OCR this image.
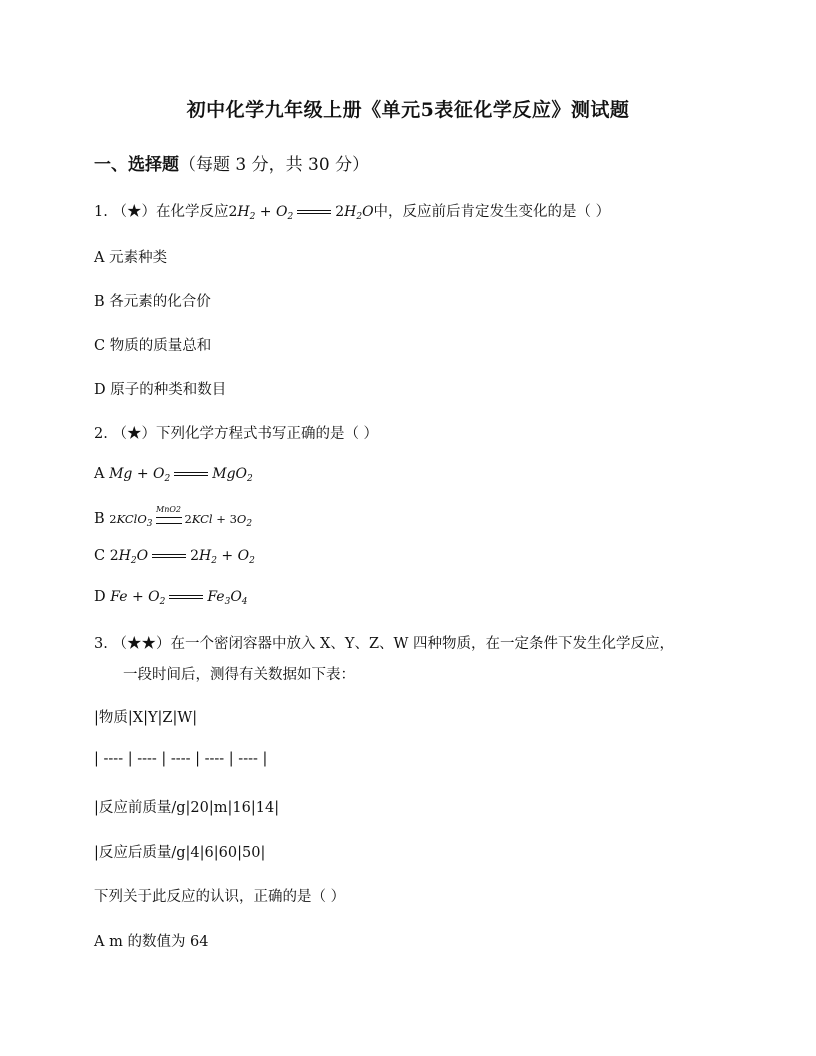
初中化学九年级上册《单元5表征化学反应》测试题
一、选择题（每题 3 分，共 30 分）
1. （★）在化学反应$2H_2 + O_2$	$2H_2O$中，反应前后肯定发生变化的是（ ）
A 元素种类
B 各元素的化合价
C 物质的质量总和
D 原子的种类和数目
2. （★）下列化学方程式书写正确的是（ ）
A $Mg + O_2$	MgO$_2$
B 2KClO$_3$
MnO2
$2KCl + 3O_2$
C $2H_2O$	$2H_2 + O_2$
D $Fe + O_2$	$Fe_3O_4$
3. （★★）在一个密闭容器中放入 X、Y、Z、W 四种物质，在一定条件下发生化学反应，
一段时间后，测得有关数据如下表：
|物质|X|Y|Z|W|
| ---- | ---- | ---- | ---- | ---- |
|反应前质量/g|20|m|16|14|
|反应后质量/g|4|6|60|50|
下列关于此反应的认识，正确的是（ ）
A m 的数值为 64
